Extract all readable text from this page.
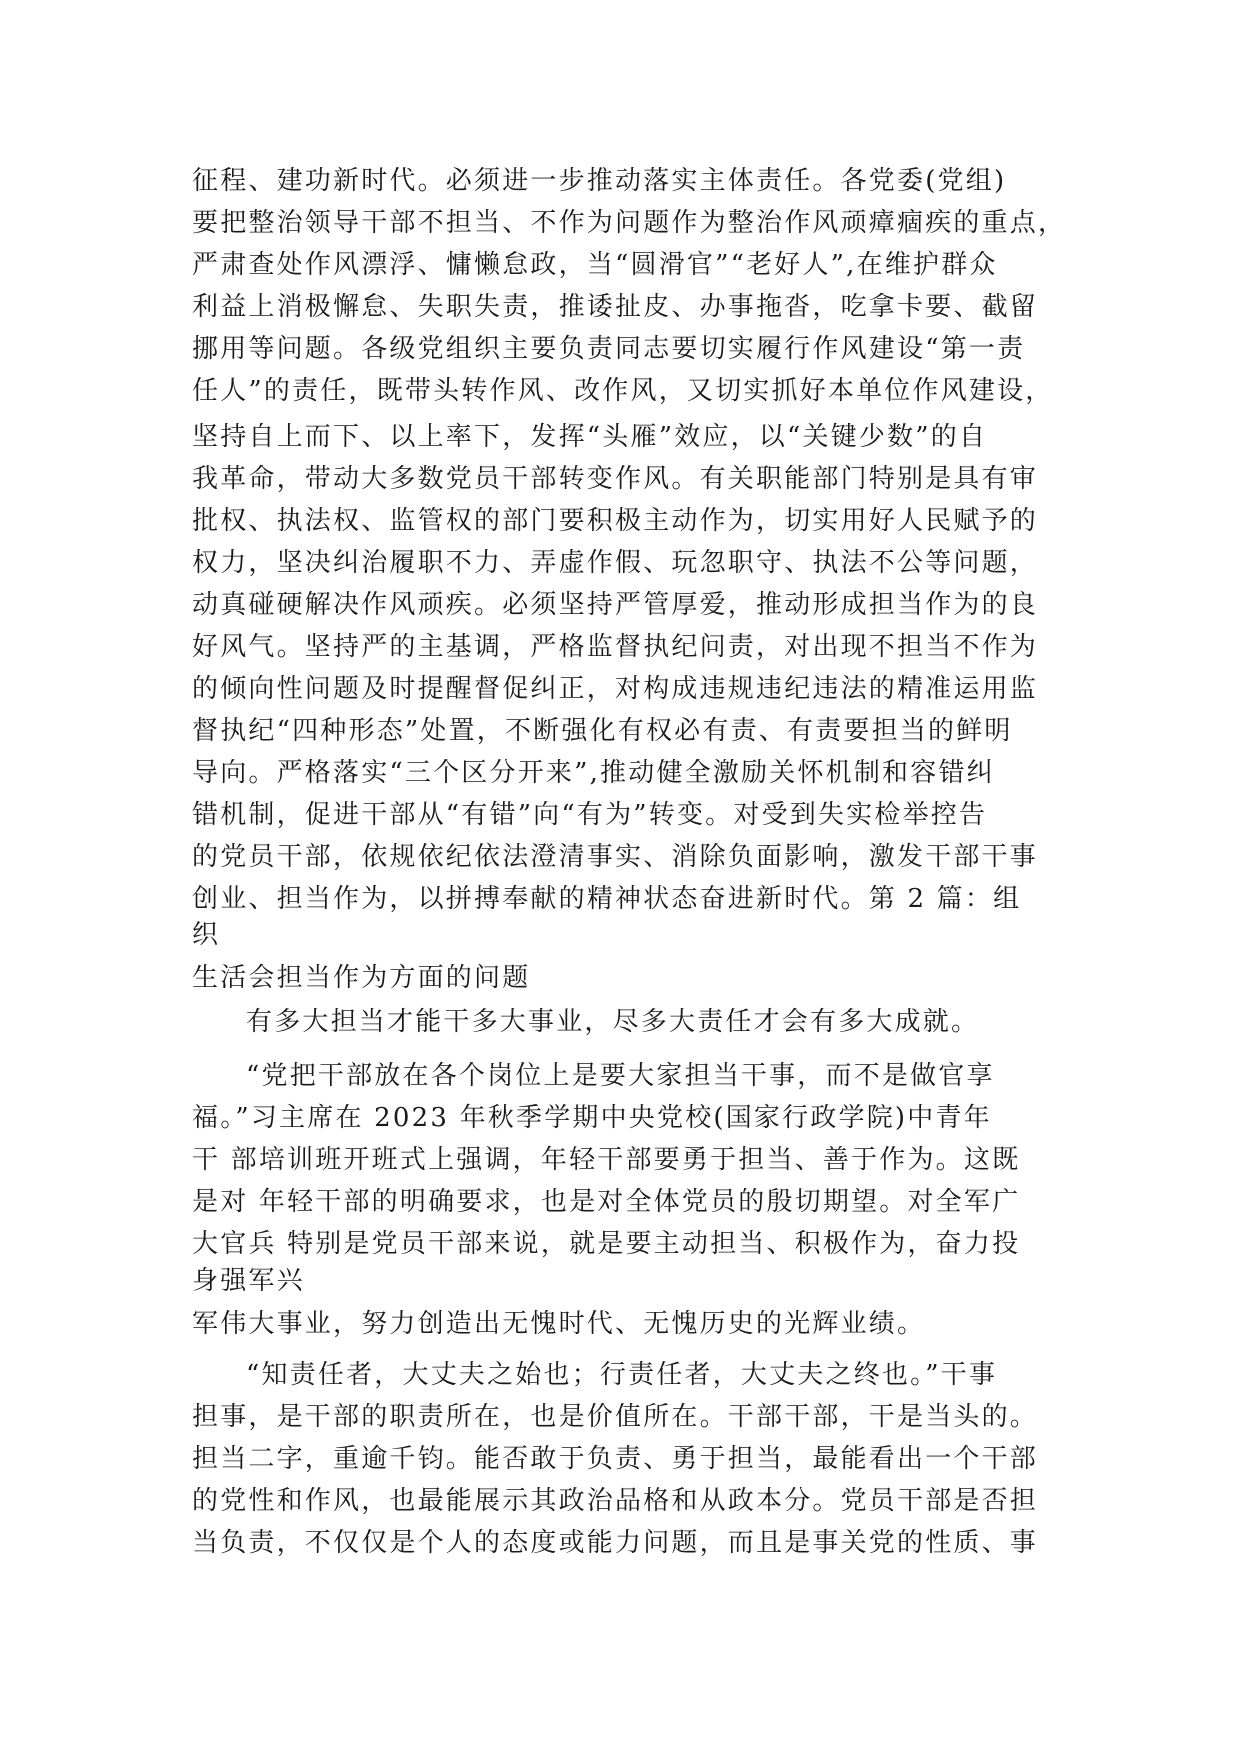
征程、建功新时代。必须进一步推动落实主体责任。各党委(党组)
要把整治领导干部不担当、不作为问题作为整治作风顽瘴痼疾的重点，
严肃查处作风漂浮、慵懒怠政，当“圆滑官”“老好人”,在维护群众
利益上消极懈怠、失职失责，推诿扯皮、办事拖沓，吃拿卡要、截留
挪用等问题。各级党组织主要负责同志要切实履行作风建设“第一责
任人”的责任，既带头转作风、改作风，又切实抓好本单位作风建设，
坚持自上而下、以上率下，发挥“头雁”效应，以“关键少数”的自
我革命，带动大多数党员干部转变作风。有关职能部门特别是具有审
批权、执法权、监管权的部门要积极主动作为，切实用好人民赋予的
权力，坚决纠治履职不力、弄虚作假、玩忽职守、执法不公等问题，
动真碰硬解决作风顽疾。必须坚持严管厚爱，推动形成担当作为的良
好风气。坚持严的主基调，严格监督执纪问责，对出现不担当不作为
的倾向性问题及时提醒督促纠正，对构成违规违纪违法的精准运用监
督执纪“四种形态”处置，不断强化有权必有责、有责要担当的鲜明
导向。严格落实“三个区分开来”,推动健全激励关怀机制和容错纠
错机制，促进干部从“有错”向“有为”转变。对受到失实检举控告
的党员干部，依规依纪依法澄清事实、消除负面影响，激发干部干事
创业、担当作为，以拼搏奉献的精神状态奋进新时代。第 2 篇：组
织
生活会担当作为方面的问题
有多大担当才能干多大事业，尽多大责任才会有多大成就。
“党把干部放在各个岗位上是要大家担当干事，而不是做官享
福。”习主席在 2023 年秋季学期中央党校(国家行政学院)中青年
干 部培训班开班式上强调，年轻干部要勇于担当、善于作为。这既
是对 年轻干部的明确要求，也是对全体党员的殷切期望。对全军广
大官兵 特别是党员干部来说，就是要主动担当、积极作为，奋力投
身强军兴
军伟大事业，努力创造出无愧时代、无愧历史的光辉业绩。
“知责任者，大丈夫之始也；行责任者，大丈夫之终也。”干事
担事，是干部的职责所在，也是价值所在。干部干部，干是当头的。
担当二字，重逾千钧。能否敢于负责、勇于担当，最能看出一个干部
的党性和作风，也最能展示其政治品格和从政本分。党员干部是否担
当负责，不仅仅是个人的态度或能力问题，而且是事关党的性质、事
